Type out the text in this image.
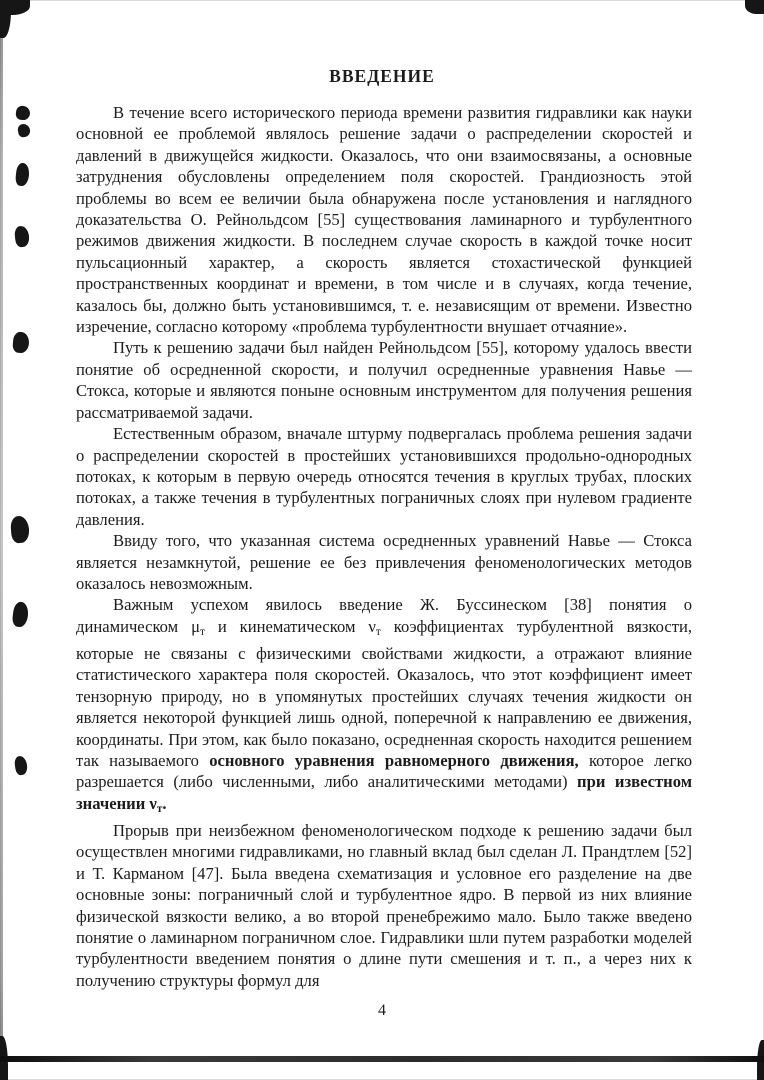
ВВЕДЕНИЕ

В течение всего исторического периода времени развития гидравлики как науки основной ее проблемой являлось решение задачи о распределении скоростей и давлений в движущейся жидкости. Оказалось, что они взаимосвязаны, а основные затруднения обусловлены определением поля скоростей. Грандиозность этой проблемы во всем ее величии была обнаружена после установления и наглядного доказательства О. Рейнольдсом [55] существования ламинарного и турбулентного режимов движения жидкости. В последнем случае скорость в каждой точке носит пульсационный характер, а скорость является стохастической функцией пространственных координат и времени, в том числе и в случаях, когда течение, казалось бы, должно быть установившимся, т. е. независящим от времени. Известно изречение, согласно которому «проблема турбулентности внушает отчаяние».

Путь к решению задачи был найден Рейнольдсом [55], которому удалось ввести понятие об осредненной скорости, и получил осредненные уравнения Навье — Стокса, которые и являются поныне основным инструментом для получения решения рассматриваемой задачи.

Естественным образом, вначале штурму подвергалась проблема решения задачи о распределении скоростей в простейших установившихся продольно-однородных потоках, к которым в первую очередь относятся течения в круглых трубах, плоских потоках, а также течения в турбулентных пограничных слоях при нулевом градиенте давления.

Ввиду того, что указанная система осредненных уравнений Навье — Стокса является незамкнутой, решение ее без привлечения феноменологических методов оказалось невозможным.

Важным успехом явилось введение Ж. Буссинеском [38] понятия о динамическом $\mu_т$ и кинематическом $\nu_т$ коэффициентах турбулентной вязкости, которые не связаны с физическими свойствами жидкости, а отражают влияние статистического характера поля скоростей. Оказалось, что этот коэффициент имеет тензорную природу, но в упомянутых простейших случаях течения жидкости он является некоторой функцией лишь одной, поперечной к направлению ее движения, координаты. При этом, как было показано, осредненная скорость находится решением так называемого основного уравнения равномерного движения, которое легко разрешается (либо численными, либо аналитическими методами) при известном значении $\nu_т$.

Прорыв при неизбежном феноменологическом подходе к решению задачи был осуществлен многими гидравликами, но главный вклад был сделан Л. Прандтлем [52] и Т. Карманом [47]. Была введена схематизация и условное его разделение на две основные зоны: пограничный слой и турбулентное ядро. В первой из них влияние физической вязкости велико, а во второй пренебрежимо мало. Было также введено понятие о ламинарном пограничном слое. Гидравлики шли путем разработки моделей турбулентности введением понятия о длине пути смешения и т. п., а через них к получению структуры формул для

4
